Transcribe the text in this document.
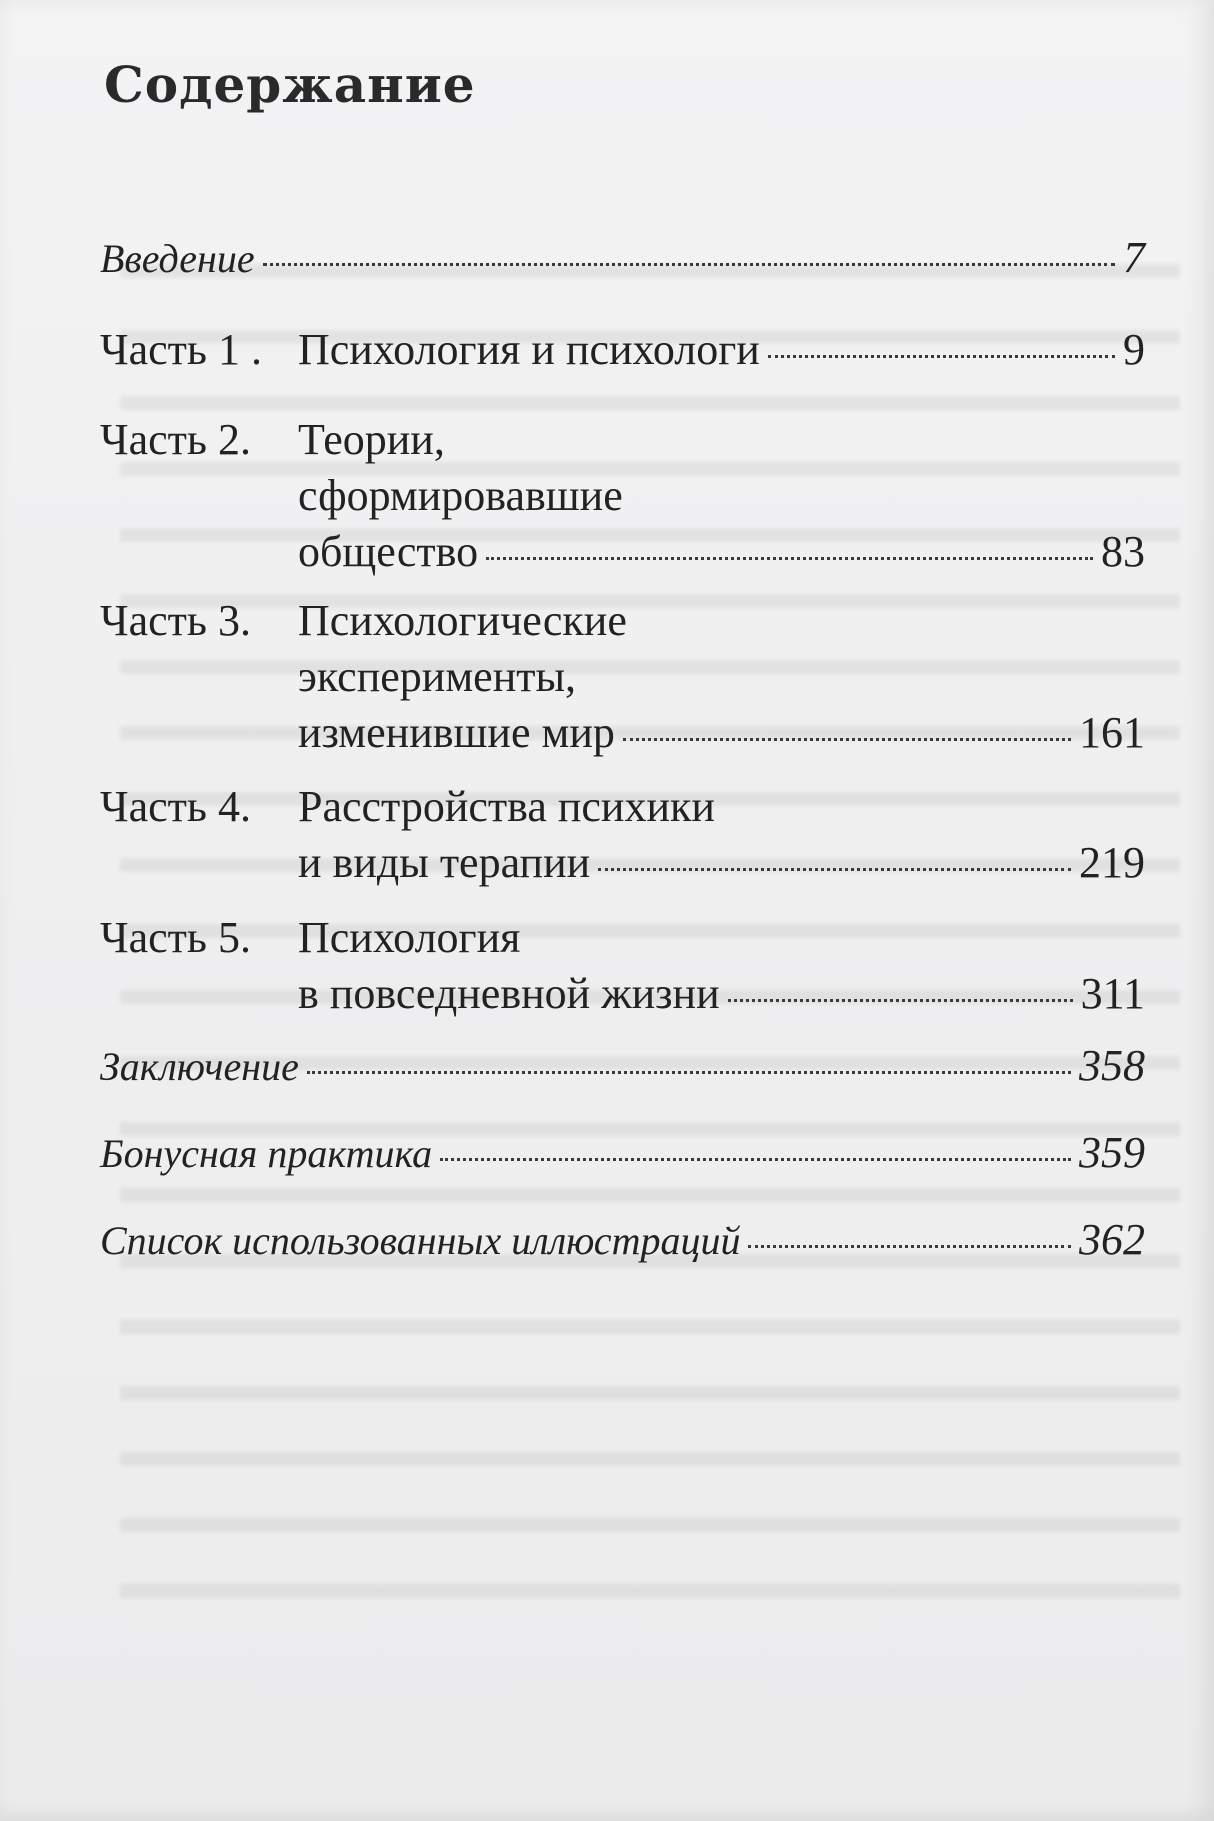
Содержание
Введение	7
Часть 1 . Психология и психологи	9
Часть 2.	Теории,
сформировавшие
общество	83
Часть 3.	Психологические
эксперименты,
изменившие мир	161
Часть 4.	Расстройства психики
и виды терапии	219
Часть 5.	Психология
в повседневной жизни	311
Заключение	358
Бонусная практика	359
Список использованных иллюстраций	362
